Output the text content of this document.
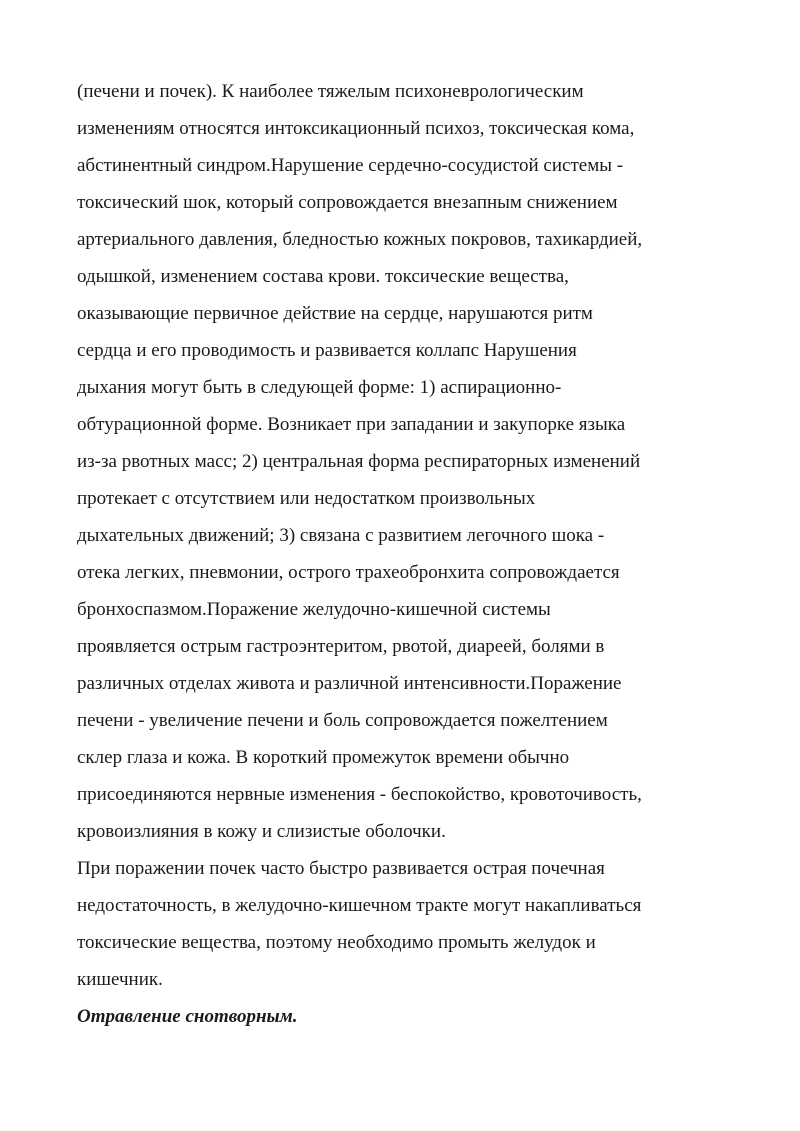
(печени и почек). К наиболее тяжелым психоневрологическим
изменениям относятся интоксикационный психоз, токсическая кома,
абстинентный синдром.Нарушение сердечно-сосудистой системы -
токсический шок, который сопровождается внезапным снижением
артериального давления, бледностью кожных покровов, тахикардией,
одышкой, изменением состава крови. токсические вещества,
оказывающие первичное действие на сердце, нарушаются ритм
сердца и его проводимость и развивается коллапс Нарушения
дыхания могут быть в следующей форме: 1) аспирационно-
обтурационной форме. Возникает при западании и закупорке языка
из-за рвотных масс; 2) центральная форма респираторных изменений
протекает с отсутствием или недостатком произвольных
дыхательных движений; 3) связана с развитием легочного шока -
отека легких, пневмонии, острого трахеобронхита сопровождается
бронхоспазмом.Поражение желудочно-кишечной системы
проявляется острым гастроэнтеритом, рвотой, диареей, болями в
различных отделах живота и различной интенсивности.Поражение
печени - увеличение печени и боль сопровождается пожелтением
склер глаза и кожа. В короткий промежуток времени обычно
присоединяются нервные изменения - беспокойство, кровоточивость,
кровоизлияния в кожу и слизистые оболочки.
При поражении почек часто быстро развивается острая почечная
недостаточность, в желудочно-кишечном тракте могут накапливаться
токсические вещества, поэтому необходимо промыть желудок и
кишечник.
Отравление снотворным.
